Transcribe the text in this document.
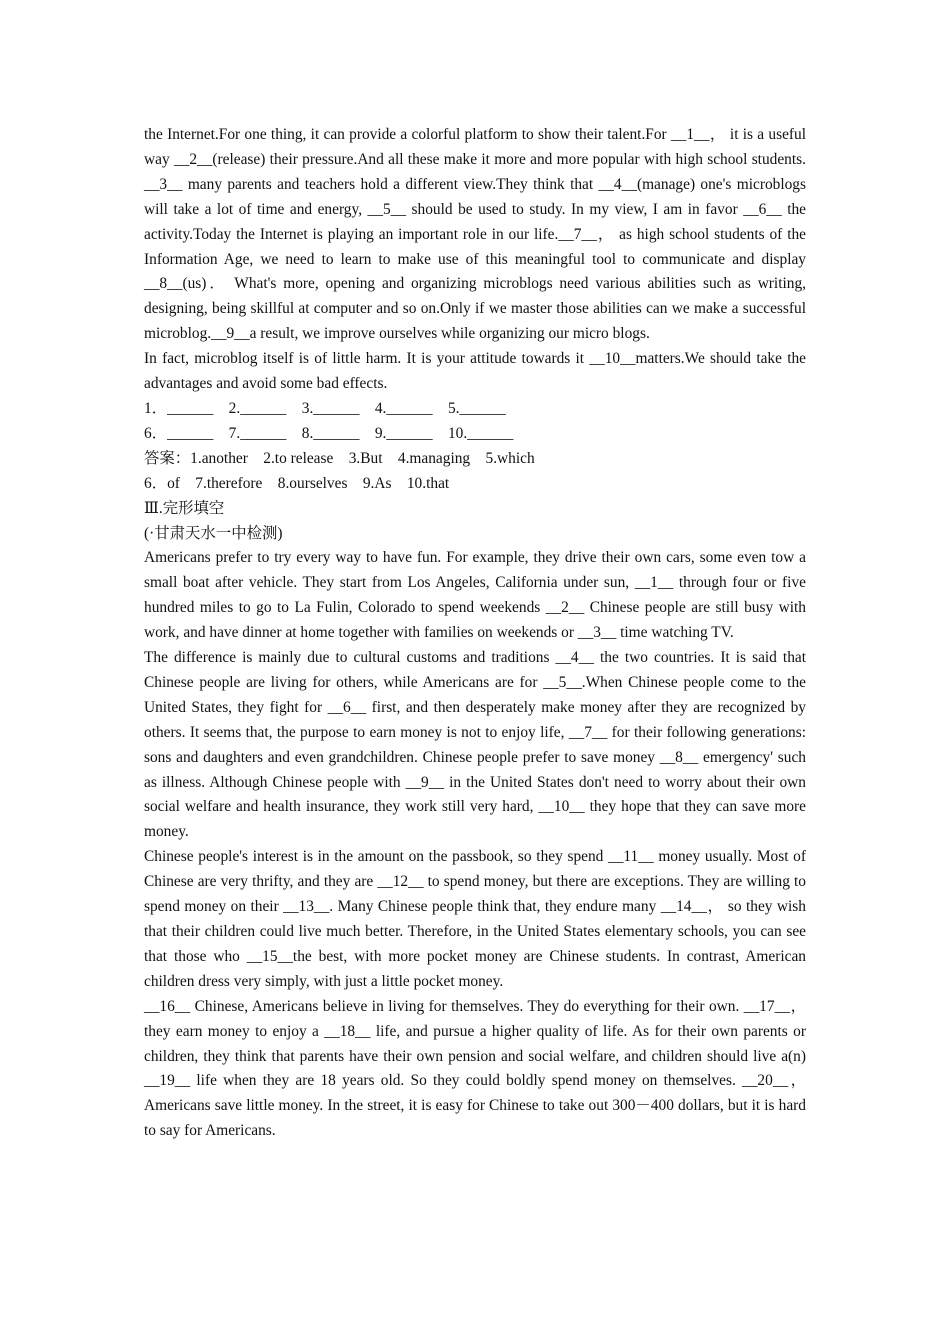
the Internet.For one thing, it can provide a colorful platform to show their talent.For __1__， it is a useful way __2__(release) their pressure.And all these make it more and more popular with high school students. __3__ many parents and teachers hold a different view.They think that __4__(manage) one's microblogs will take a lot of time and energy, __5__ should be used to study. In my view, I am in favor __6__ the activity.Today the Internet is playing an important role in our life.__7__， as high school students of the Information Age, we need to learn to make use of this meaningful tool to communicate and display __8__(us)． What's more, opening and organizing microblogs need various abilities such as writing, designing, being skillful at computer and so on.Only if we master those abilities can we make a successful microblog.__9__a result, we improve ourselves while organizing our micro blogs.

In fact, microblog itself is of little harm. It is your attitude towards it __10__matters.We should take the advantages and avoid some bad effects.

1．______    2.______    3.______    4.______    5.______

6．______    7.______    8.______    9.______    10.______

答案：1.another    2.to release    3.But    4.managing    5.which

6．of    7.therefore    8.ourselves    9.As    10.that

Ⅲ.完形填空

(·甘肃天水一中检测)

Americans prefer to try every way to have fun. For example, they drive their own cars, some even tow a small boat after vehicle. They start from Los Angeles, California under sun, __1__ through four or five hundred miles to go to La Fulin, Colorado to spend weekends __2__ Chinese people are still busy with work, and have dinner at home together with families on weekends or __3__ time watching TV.

The difference is mainly due to cultural customs and traditions __4__ the two countries. It is said that Chinese people are living for others, while Americans are for __5__.When Chinese people come to the United States, they fight for __6__ first, and then desperately make money after they are recognized by others. It seems that, the purpose to earn money is not to enjoy life, __7__ for their following generations: sons and daughters and even grandchildren. Chinese people prefer to save money __8__ emergency' such as illness. Although Chinese people with __9__ in the United States don't need to worry about their own social welfare and health insurance, they work still very hard, __10__ they hope that they can save more money.

Chinese people's interest is in the amount on the passbook, so they spend __11__ money usually. Most of Chinese are very thrifty, and they are __12__ to spend money, but there are exceptions. They are willing to spend money on their __13__. Many Chinese people think that, they endure many __14__， so they wish that their children could live much better. Therefore, in the United States elementary schools, you can see that those who __15__the best, with more pocket money are Chinese students. In contrast, American children dress very simply, with just a little pocket money.

__16__ Chinese, Americans believe in living for themselves. They do everything for their own. __17__， they earn money to enjoy a __18__ life, and pursue a higher quality of life. As for their own parents or children, they think that parents have their own pension and social welfare, and children should live a(n) __19__ life when they are 18 years old. So they could boldly spend money on themselves. __20__， Americans save little money. In the street, it is easy for Chinese to take out 300－400 dollars, but it is hard to say for Americans.
